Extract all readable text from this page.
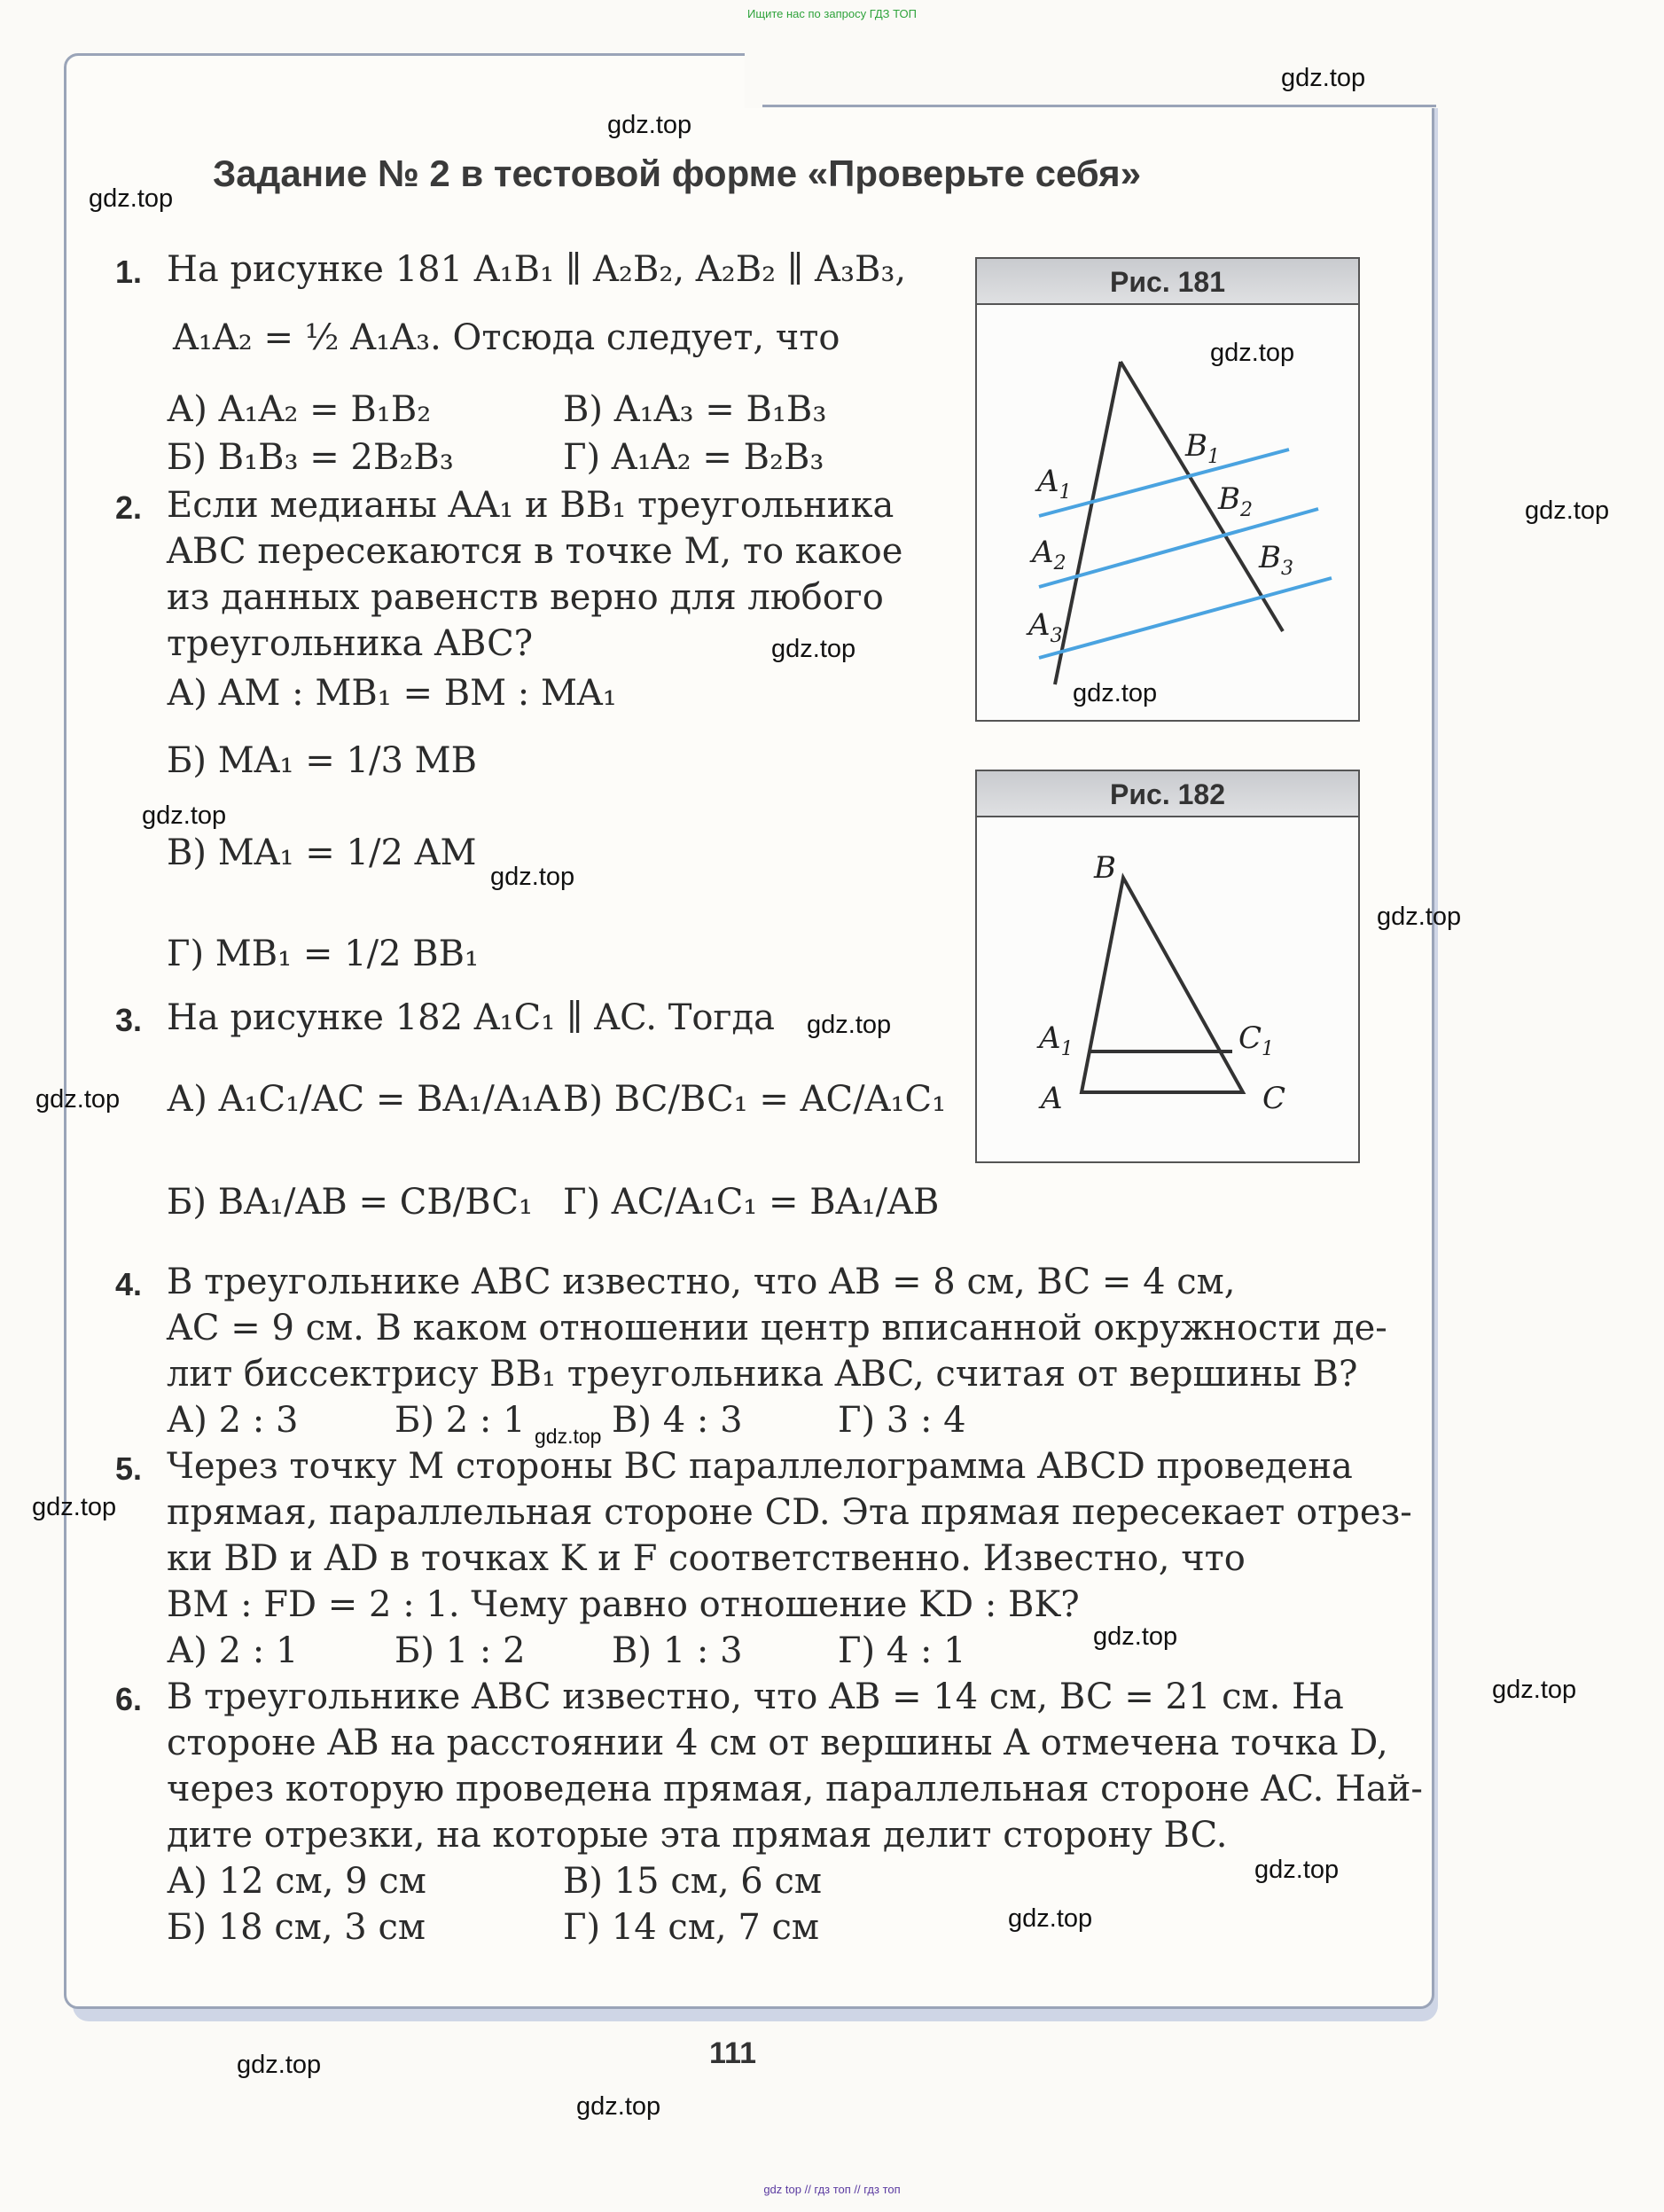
Ищите нас по запросу ГДЗ ТОП
Задание № 2 в тестовой форме «Проверьте себя»
Рис. 181
$A_1$
$A_2$
$A_3$
$B_1$
$B_2$
$B_3$
Рис. 182
B
$A_1$	$C_1$
A	C
1. На рисунке 181 A₁B₁ ∥ A₂B₂, A₂B₂ ∥ A₃B₃,
A₁A₂ = ½ A₁A₃. Отсюда следует, что
А) A₁A₂ = B₁B₂	В) A₁A₃ = B₁B₃
Б) B₁B₃ = 2B₂B₃	Г) A₁A₂ = B₂B₃
2. Если медианы AA₁ и BB₁ треугольника
ABC пересекаются в точке M, то какое
из данных равенств верно для любого
треугольника ABC?
А) AM : MB₁ = BM : MA₁
Б) MA₁ = 1/3 MB
В) MA₁ = 1/2 AM
Г) MB₁ = 1/2 BB₁
3. На рисунке 182 A₁C₁ ∥ AC. Тогда
А) A₁C₁/AC = BA₁/A₁A В) BC/BC₁ = AC/A₁C₁
Б) BA₁/AB = CB/BC₁ Г) AC/A₁C₁ = BA₁/AB
4. В треугольнике ABC известно, что AB = 8 см, BC = 4 см,
AC = 9 см. В каком отношении центр вписанной окружности де-
лит биссектрису BB₁ треугольника ABC, считая от вершины B?
А) 2 : 3	Б) 2 : 1 В) 4 : 3	Г) 3 : 4
5. Через точку M стороны BC параллелограмма ABCD проведена
прямая, параллельная стороне CD. Эта прямая пересекает отрез-
ки BD и AD в точках K и F соответственно. Известно, что
BM : FD = 2 : 1. Чему равно отношение KD : BK?
А) 2 : 1	Б) 1 : 2 В) 1 : 3	Г) 4 : 1
6. В треугольнике ABC известно, что AB = 14 см, BC = 21 см. На
стороне AB на расстоянии 4 см от вершины A отмечена точка D,
через которую проведена прямая, параллельная стороне AC. Най-
дите отрезки, на которые эта прямая делит сторону BC.
А) 12 см, 9 см	В) 15 см, 6 см
Б) 18 см, 3 см	Г) 14 см, 7 см
111
gdz.top
gdz.top
gdz.top
gdz.top
gdz.top
gdz.top
gdz.top
gdz.top
gdz.top
gdz.top
gdz.top
gdz.top
gdz.top
gdz.top
gdz.top
gdz.top
gdz.top
gdz.top
gdz.top
gdz.top
gdz top // гдз топ // гдз топ
